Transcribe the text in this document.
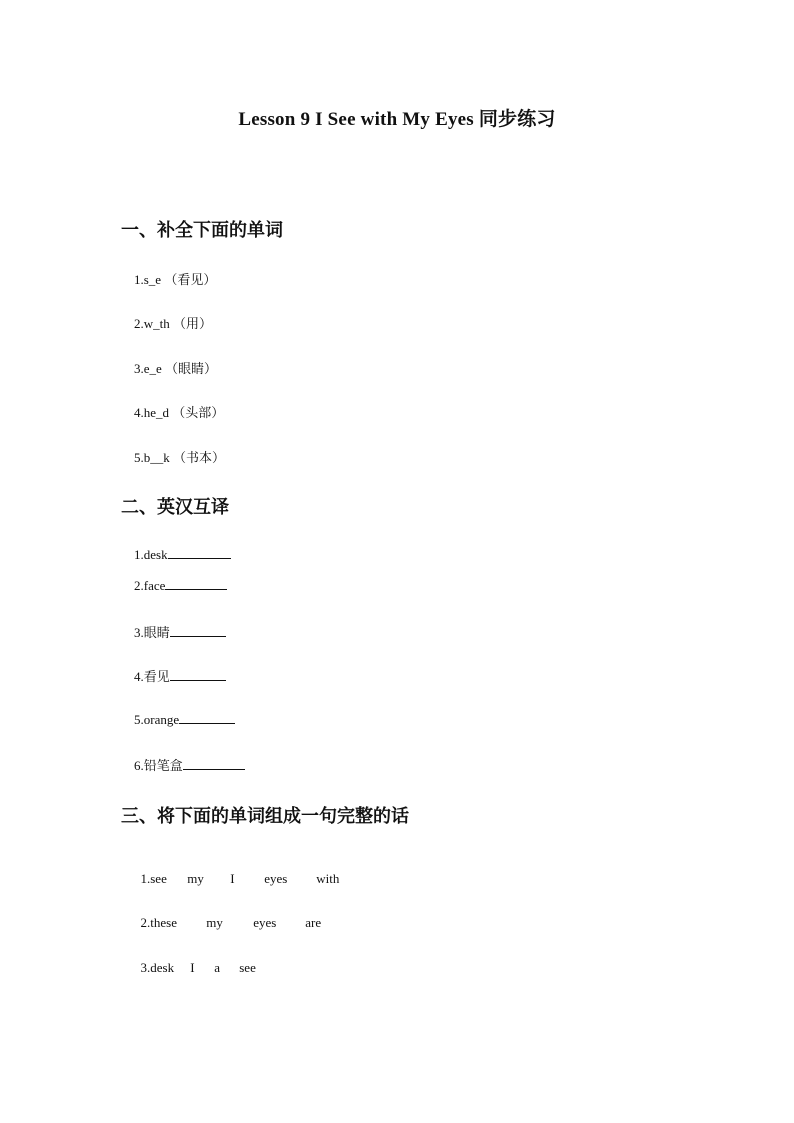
Lesson 9 I See with My Eyes 同步练习
一、补全下面的单词
1.s_e （看见）
2.w_th （用）
3.e_e （眼睛）
4.he_d （头部）
5.b__k （书本）
二、英汉互译
1.desk
2.face
3.眼睛
4.看见
5.orange
6.铅笔盒
三、将下面的单词组成一句完整的话

1.see my I eyes with

2.these my eyes are

3.desk I a see
